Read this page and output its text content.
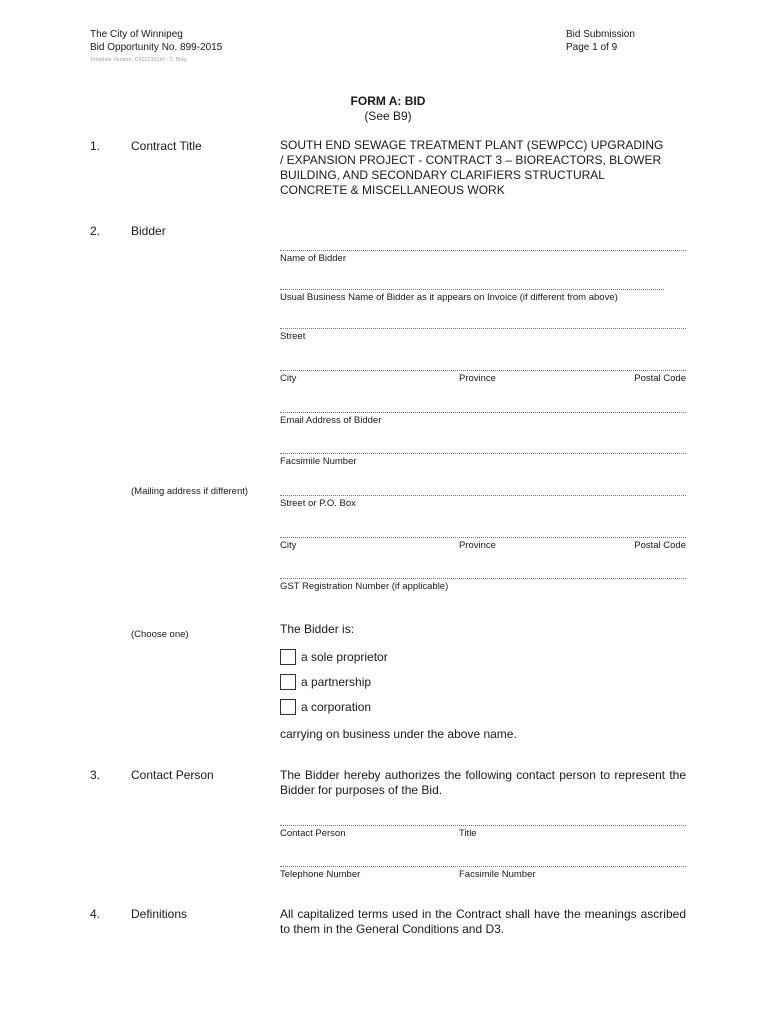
The City of Winnipeg
Bid Opportunity No. 899-2015
Bid Submission
Page 1 of 9
Template Version: C420130116 - C Bldg
FORM A: BID
(See B9)
1.	Contract Title	SOUTH END SEWAGE TREATMENT PLANT (SEWPCC) UPGRADING
/ EXPANSION PROJECT - CONTRACT 3 – BIOREACTORS, BLOWER
BUILDING, AND SECONDARY CLARIFIERS STRUCTURAL
CONCRETE & MISCELLANEOUS WORK
2.	Bidder
Name of Bidder
Usual Business Name of Bidder as it appears on Invoice (if different from above)
Street
City	Province	Postal Code
Email Address of Bidder
Facsimile Number
(Mailing address if different)
Street or P.O. Box
City	Province	Postal Code
GST Registration Number (if applicable)
(Choose one)	The Bidder is:
a sole proprietor
a partnership
a corporation
carrying on business under the above name.
3.	Contact Person	The Bidder hereby authorizes the following contact person to represent the Bidder for purposes of the Bid.
Contact Person	Title
Telephone Number	Facsimile Number
4.	Definitions	All capitalized terms used in the Contract shall have the meanings ascribed to them in the General Conditions and D3.
